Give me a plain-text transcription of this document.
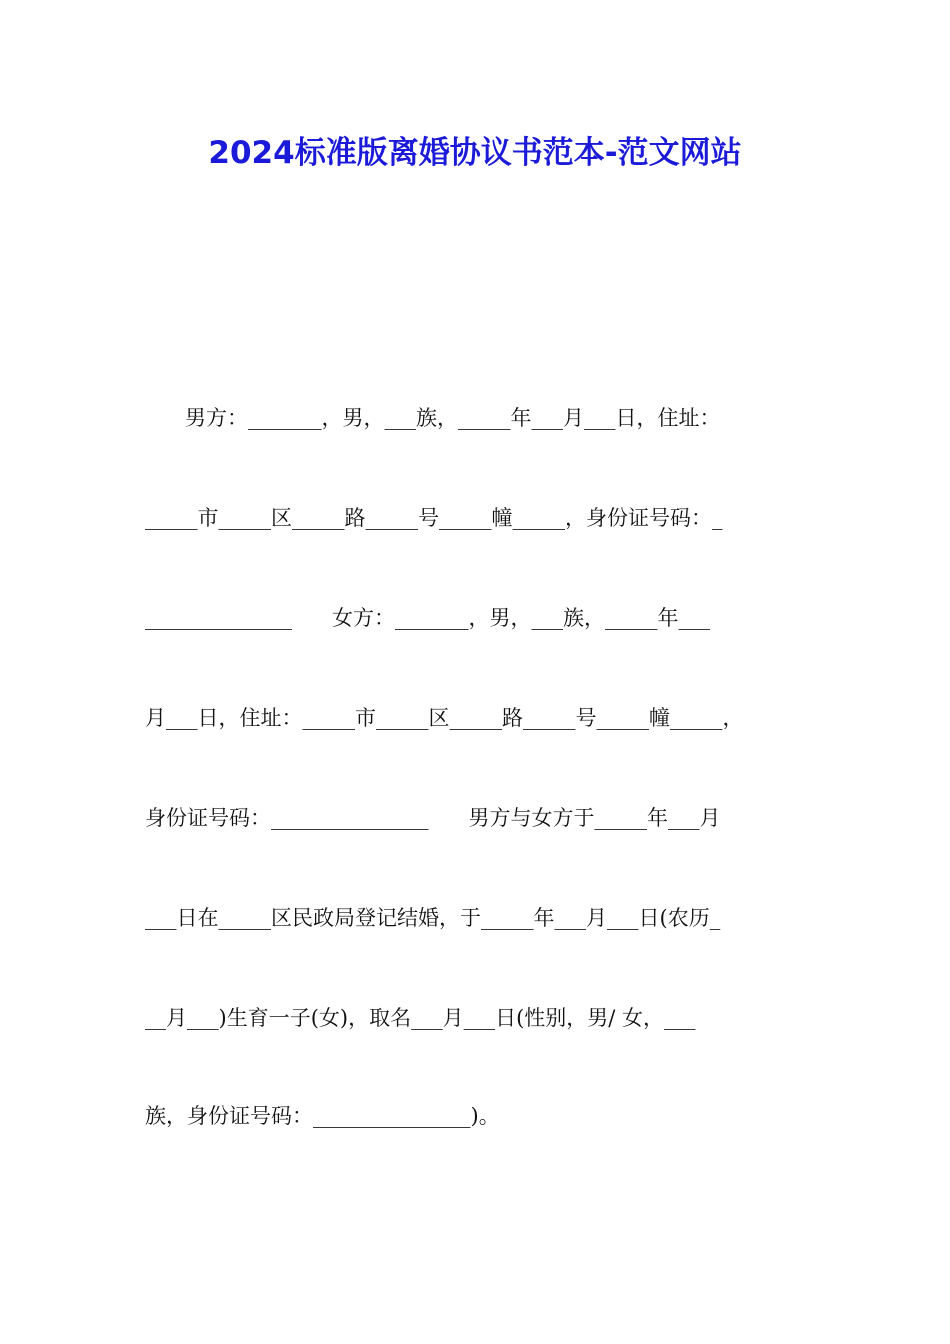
2024标准版离婚协议书范本-范文网站
男方：_______，男，___族，_____年___月___日，住址：
_____市_____区_____路_____号_____幢_____，身份证号码：_
______________      女方：_______，男，___族，_____年___
月___日，住址：_____市_____区_____路_____号_____幢_____，
身份证号码：_______________      男方与女方于_____年___月
___日在_____区民政局登记结婚，于_____年___月___日(农历_
__月___)生育一子(女)，取名___月___日(性别，男/ 女，___
族，身份证号码：_______________)。
